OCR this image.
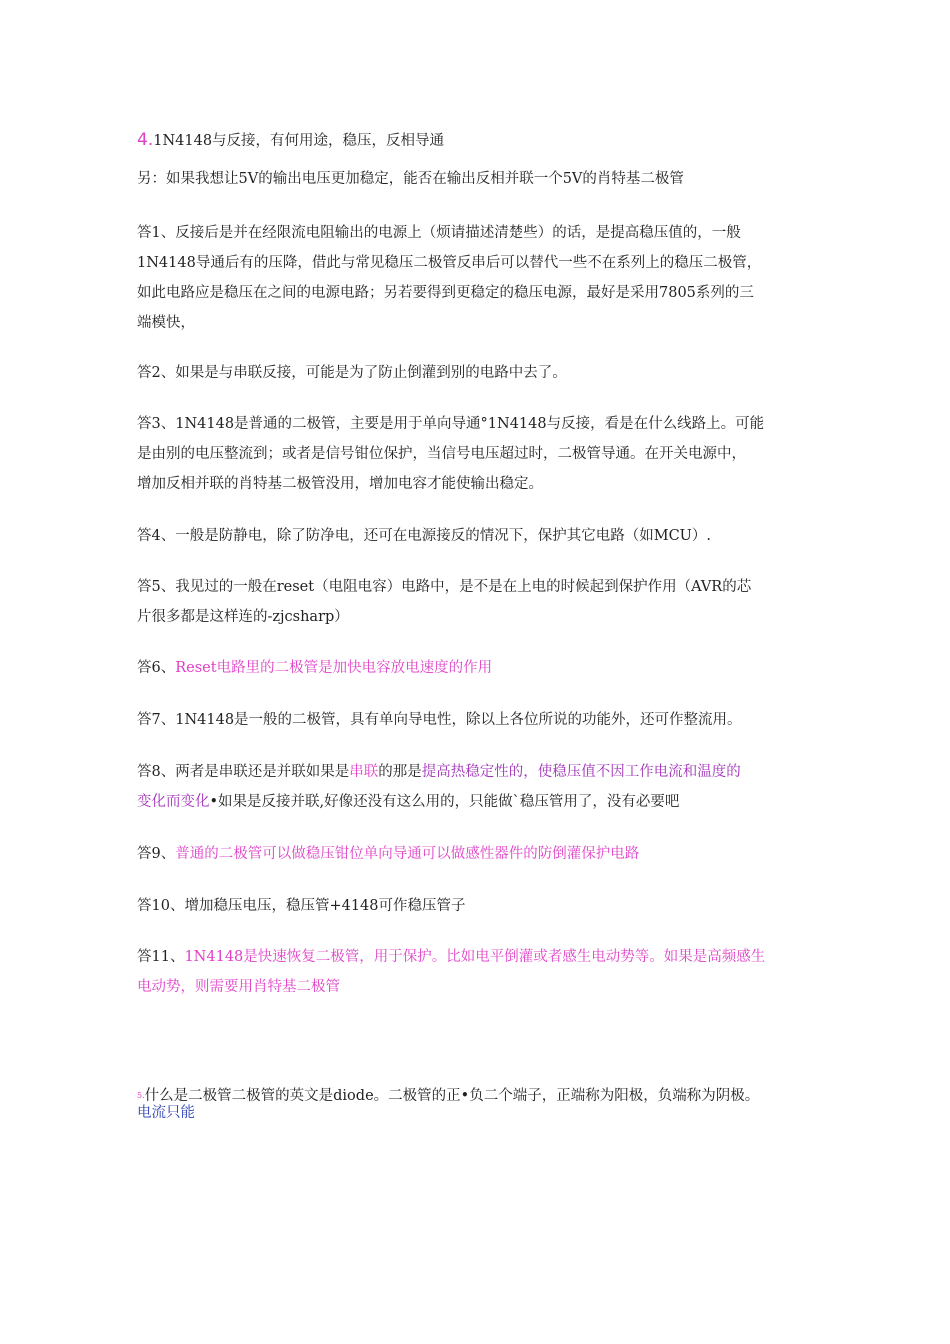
4.1N4148与反接，有何用途，稳压，反相导通
另：如果我想让5V的输出电压更加稳定，能否在输出反相并联一个5V的肖特基二极管
答1、反接后是并在经限流电阻输出的电源上（烦请描述清楚些）的话，是提高稳压值的，一般
1N4148导通后有的压降，借此与常见稳压二极管反串后可以替代一些不在系列上的稳压二极管，
如此电路应是稳压在之间的电源电路；另若要得到更稳定的稳压电源，最好是采用7805系列的三
端模快，
答2、如果是与串联反接，可能是为了防止倒灌到别的电路中去了。
答3、1N4148是普通的二极管，主要是用于单向导通°1N4148与反接，看是在什么线路上。可能
是由别的电压整流到；或者是信号钳位保护，当信号电压超过时，二极管导通。在开关电源中，
增加反相并联的肖特基二极管没用，增加电容才能使输出稳定。
答4、一般是防静电，除了防净电，还可在电源接反的情况下，保护其它电路（如MCU）.
答5、我见过的一般在reset（电阻电容）电路中，是不是在上电的时候起到保护作用（AVR的芯
片很多都是这样连的-zjcsharp）
答6、Reset电路里的二极管是加快电容放电速度的作用
答7、1N4148是一般的二极管，具有单向导电性，除以上各位所说的功能外，还可作整流用。
答8、两者是串联还是并联如果是串联的那是提高热稳定性的，使稳压值不因工作电流和温度的
变化而变化•如果是反接并联,好像还没有这么用的，只能做`稳压管用了，没有必要吧
答9、普通的二极管可以做稳压钳位单向导通可以做感性器件的防倒灌保护电路
答10、增加稳压电压，稳压管+4148可作稳压管子
答11、1N4148是快速恢复二极管，用于保护。比如电平倒灌或者感生电动势等。如果是高频感生
电动势，则需要用肖特基二极管
$^{5.}$什么是二极管二极管的英文是diode。二极管的正•负二个端子，正端称为阳极，负端称为阴极。
电流只能
